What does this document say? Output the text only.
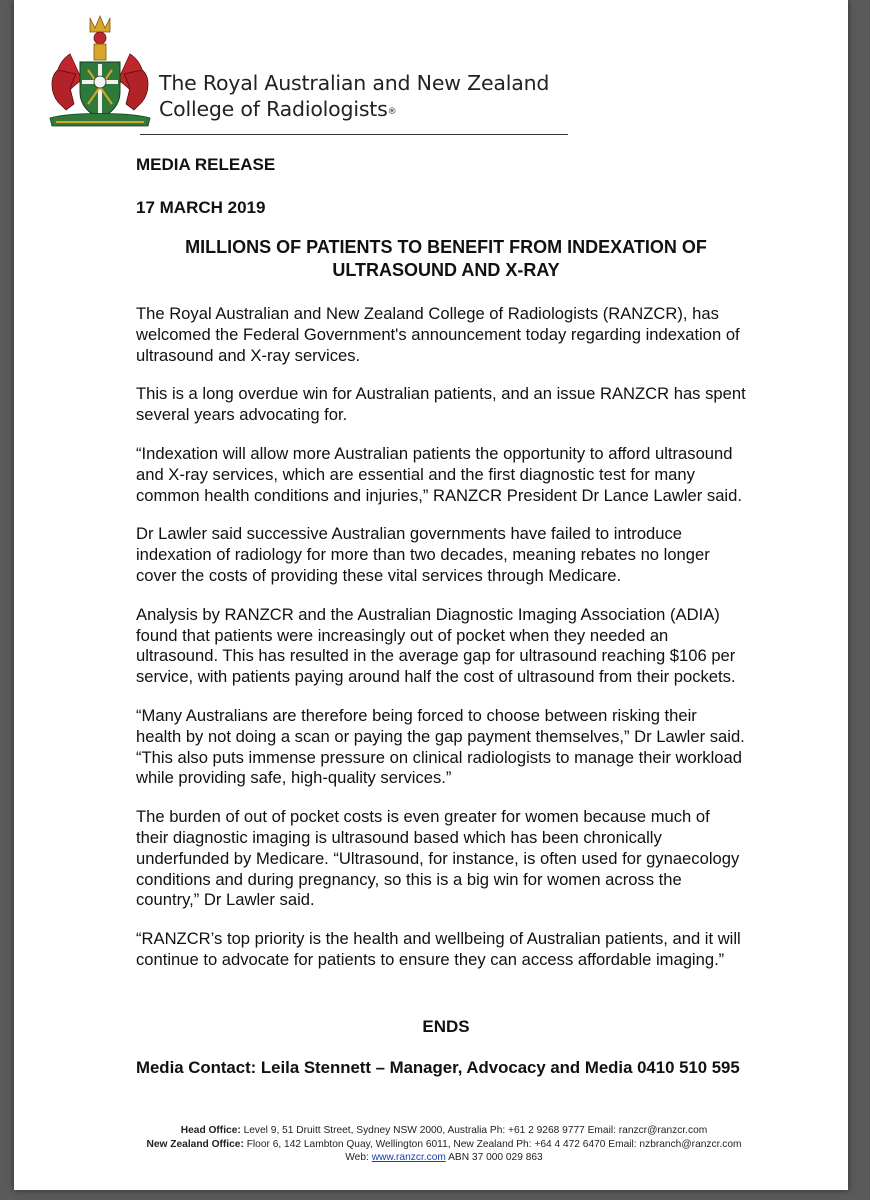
The Royal Australian and New Zealand
College of Radiologists®
MEDIA RELEASE
17 MARCH 2019
MILLIONS OF PATIENTS TO BENEFIT FROM INDEXATION OF ULTRASOUND AND X-RAY

The Royal Australian and New Zealand College of Radiologists (RANZCR), has welcomed the Federal Government's announcement today regarding indexation of ultrasound and X-ray services.

This is a long overdue win for Australian patients, and an issue RANZCR has spent several years advocating for.

“Indexation will allow more Australian patients the opportunity to afford ultrasound and X-ray services, which are essential and the first diagnostic test for many common health conditions and injuries,” RANZCR President Dr Lance Lawler said.

Dr Lawler said successive Australian governments have failed to introduce indexation of radiology for more than two decades, meaning rebates no longer cover the costs of providing these vital services through Medicare.

Analysis by RANZCR and the Australian Diagnostic Imaging Association (ADIA) found that patients were increasingly out of pocket when they needed an ultrasound. This has resulted in the average gap for ultrasound reaching $106 per service, with patients paying around half the cost of ultrasound from their pockets.

“Many Australians are therefore being forced to choose between risking their health by not doing a scan or paying the gap payment themselves,” Dr Lawler said. “This also puts immense pressure on clinical radiologists to manage their workload while providing safe, high-quality services.”

The burden of out of pocket costs is even greater for women because much of their diagnostic imaging is ultrasound based which has been chronically underfunded by Medicare. “Ultrasound, for instance, is often used for gynaecology conditions and during pregnancy, so this is a big win for women across the country,” Dr Lawler said.

“RANZCR’s top priority is the health and wellbeing of Australian patients, and it will continue to advocate for patients to ensure they can access affordable imaging.”

ENDS
Media Contact: Leila Stennett – Manager, Advocacy and Media 0410 510 595
Head Office: Level 9, 51 Druitt Street, Sydney NSW 2000, Australia Ph: +61 2 9268 9777 Email: ranzcr@ranzcr.com
New Zealand Office: Floor 6, 142 Lambton Quay, Wellington 6011, New Zealand Ph: +64 4 472 6470 Email: nzbranch@ranzcr.com
Web: www.ranzcr.com ABN 37 000 029 863
